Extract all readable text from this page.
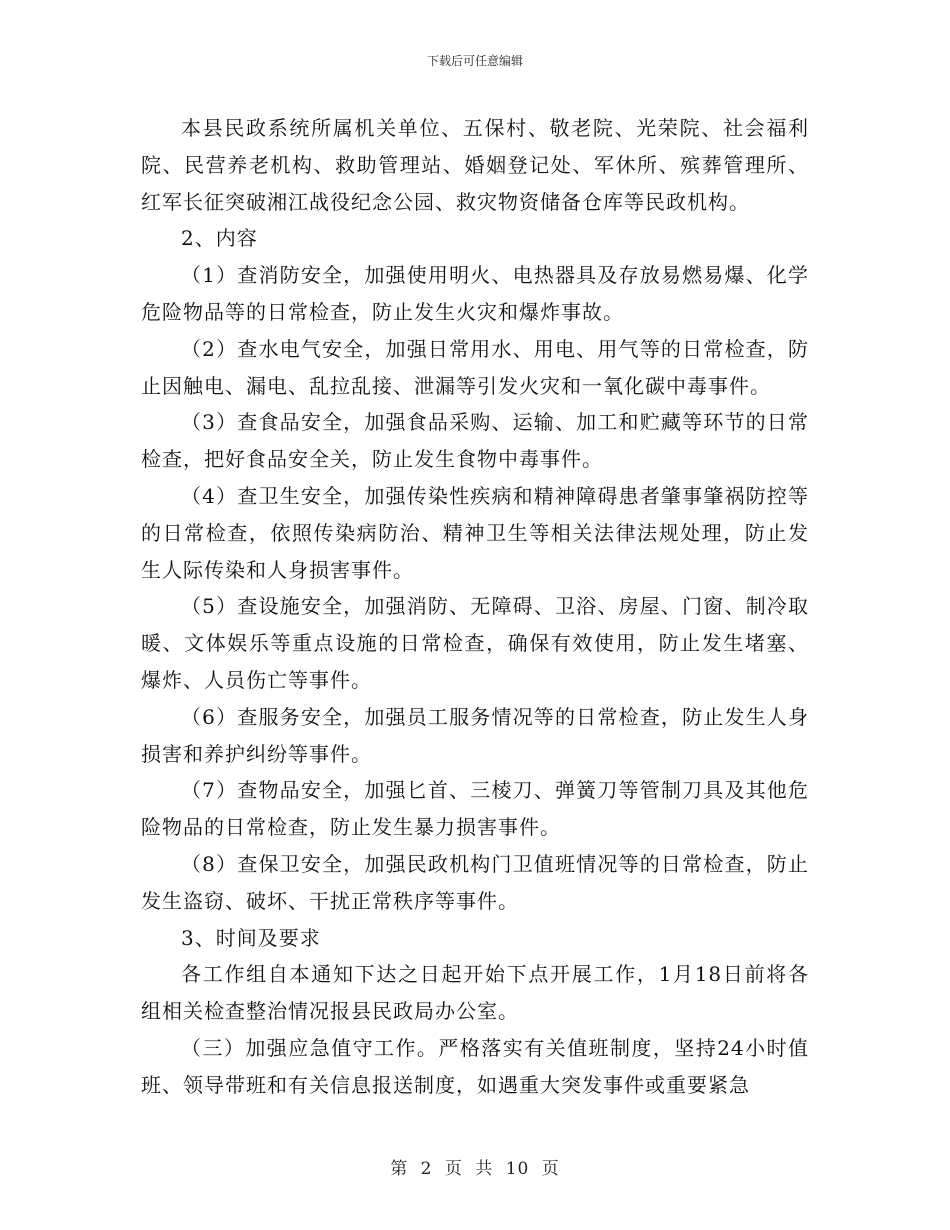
下载后可任意编辑

本县民政系统所属机关单位、五保村、敬老院、光荣院、社会福利院、民营养老机构、救助管理站、婚姻登记处、军休所、殡葬管理所、红军长征突破湘江战役纪念公园、救灾物资储备仓库等民政机构。

2、内容

（1）查消防安全，加强使用明火、电热器具及存放易燃易爆、化学危险物品等的日常检查，防止发生火灾和爆炸事故。

（2）查水电气安全，加强日常用水、用电、用气等的日常检查，防止因触电、漏电、乱拉乱接、泄漏等引发火灾和一氧化碳中毒事件。

（3）查食品安全，加强食品采购、运输、加工和贮藏等环节的日常检查，把好食品安全关，防止发生食物中毒事件。

（4）查卫生安全，加强传染性疾病和精神障碍患者肇事肇祸防控等的日常检查，依照传染病防治、精神卫生等相关法律法规处理，防止发生人际传染和人身损害事件。

（5）查设施安全，加强消防、无障碍、卫浴、房屋、门窗、制冷取暖、文体娱乐等重点设施的日常检查，确保有效使用，防止发生堵塞、爆炸、人员伤亡等事件。

（6）查服务安全，加强员工服务情况等的日常检查，防止发生人身损害和养护纠纷等事件。

（7）查物品安全，加强匕首、三棱刀、弹簧刀等管制刀具及其他危险物品的日常检查，防止发生暴力损害事件。

（8）查保卫安全，加强民政机构门卫值班情况等的日常检查，防止发生盗窃、破坏、干扰正常秩序等事件。

3、时间及要求

各工作组自本通知下达之日起开始下点开展工作，1月18日前将各组相关检查整治情况报县民政局办公室。

（三）加强应急值守工作。严格落实有关值班制度，坚持24小时值班、领导带班和有关信息报送制度，如遇重大突发事件或重要紧急

第 2 页 共 10 页
